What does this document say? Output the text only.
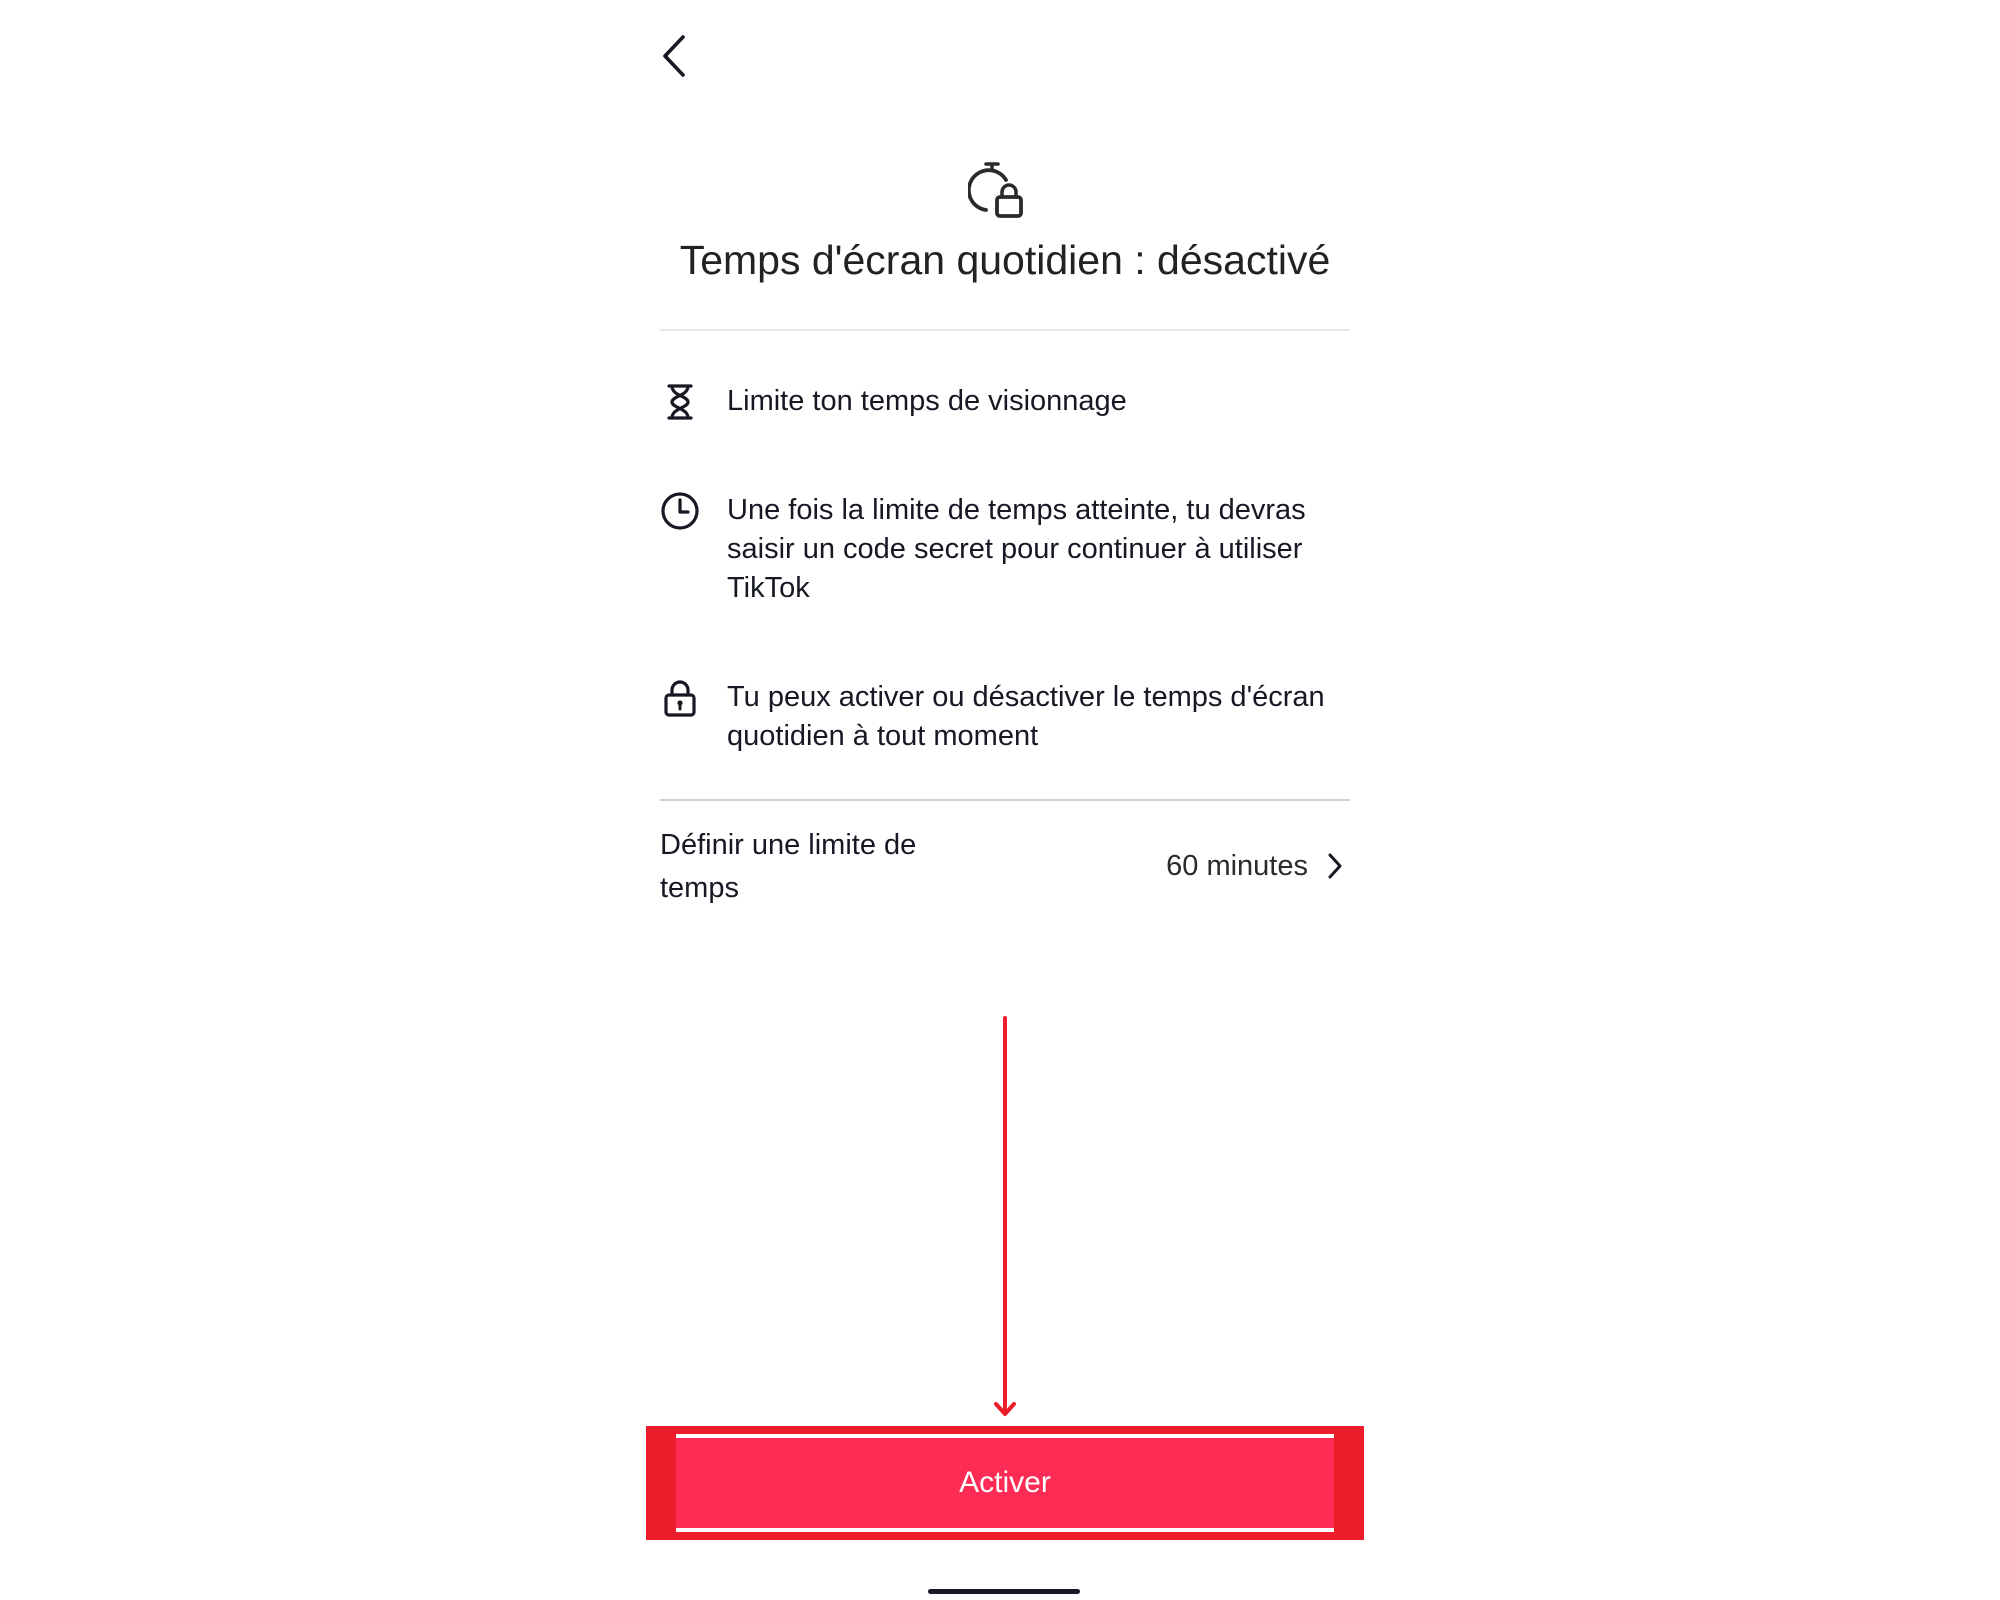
Temps d'écran quotidien : désactivé
Limite ton temps de visionnage
Une fois la limite de temps atteinte, tu devras saisir un code secret pour continuer à utiliser TikTok
Tu peux activer ou désactiver le temps d'écran quotidien à tout moment
Définir une limite de temps
60 minutes
Activer
